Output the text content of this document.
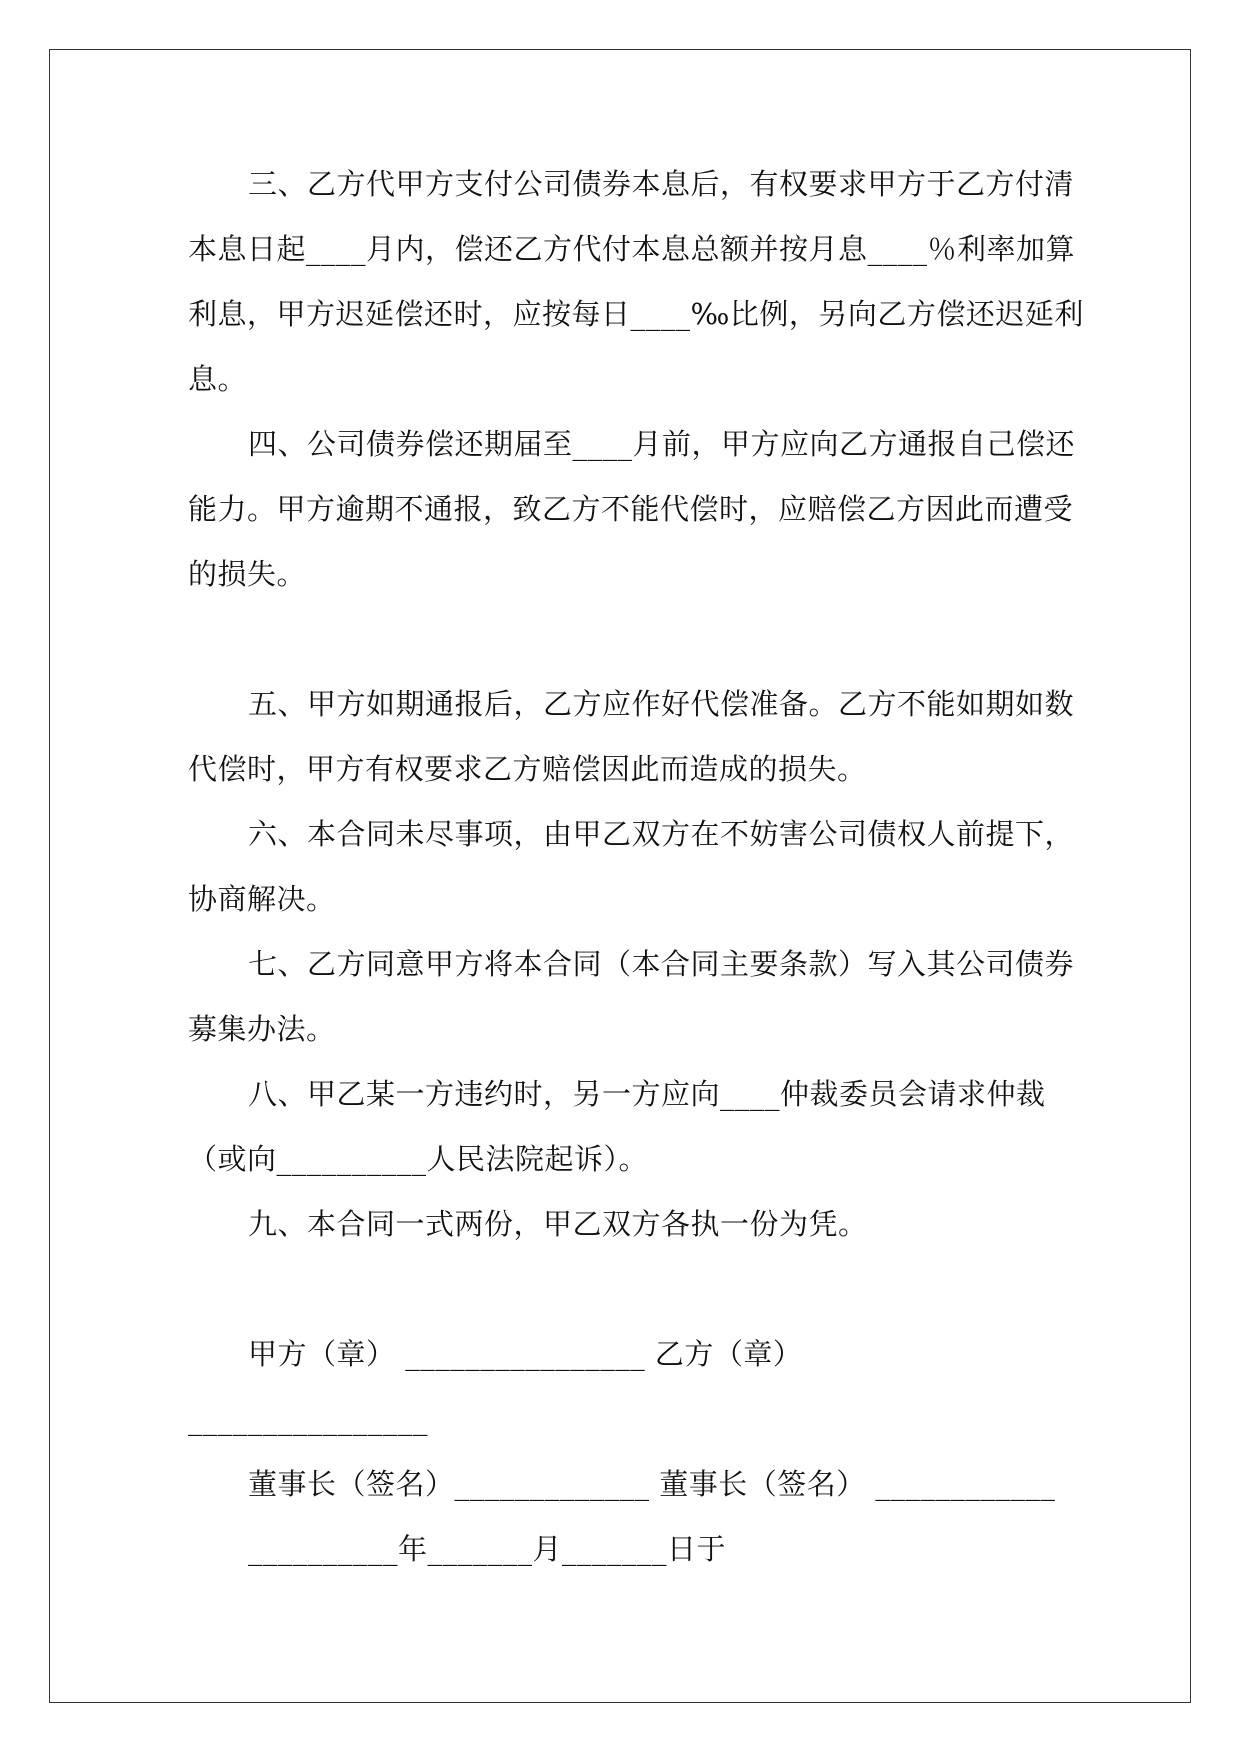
三、乙方代甲方支付公司债券本息后，有权要求甲方于乙方付清
本息日起____月内，偿还乙方代付本息总额并按月息____％利率加算
利息，甲方迟延偿还时，应按每日____‰比例，另向乙方偿还迟延利
息。
四、公司债券偿还期届至____月前，甲方应向乙方通报自己偿还
能力。甲方逾期不通报，致乙方不能代偿时，应赔偿乙方因此而遭受
的损失。
五、甲方如期通报后，乙方应作好代偿准备。乙方不能如期如数
代偿时，甲方有权要求乙方赔偿因此而造成的损失。
六、本合同未尽事项，由甲乙双方在不妨害公司债权人前提下，
协商解决。
七、乙方同意甲方将本合同（本合同主要条款）写入其公司债券
募集办法。
八、甲乙某一方违约时，另一方应向____仲裁委员会请求仲裁
（或向__________人民法院起诉）。
九、本合同一式两份，甲乙双方各执一份为凭。
甲方（章） ________________ 乙方（章）
________________
董事长（签名）_____________ 董事长（签名） ____________
__________年_______月_______日于
